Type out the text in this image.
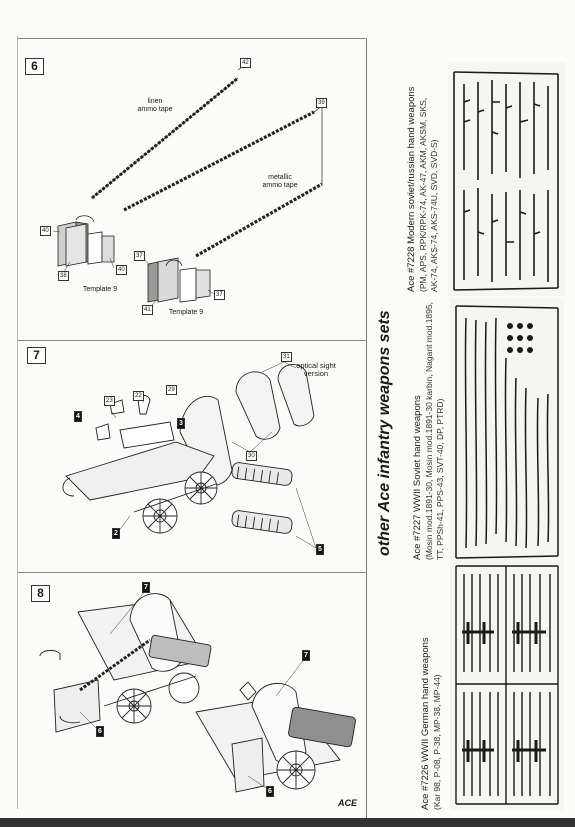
6	42
39
linen
ammo tape
metallic
ammo tape
40
38
40
Template 9
37
41
37
Template 9
7	31
optical sight
version
23
22
29
4
3
30
2
5
8	7
6
7
6
other Ace infantry weapons sets
Ace #7228 Modern soviet/russian hand weapons (PM, APS, RPK/RPK-74, AK-47, AKM, AKSM, SKS,
AK-74, AKS-74, AKS-74U, SVD, SVD-S)
Ace #7227 WWII Soviet hand weapons (Mosin mod.1891-30, Mosin mod.1891-30 karbin, Nagant mod.1895,
TT, PPSh-41, PPS-43, SVT-40, DP, PTRD)
Ace #7226 WWII German hand weapons (Kar 98, P-08, P-38, MP-38, MP-44)
ACE
